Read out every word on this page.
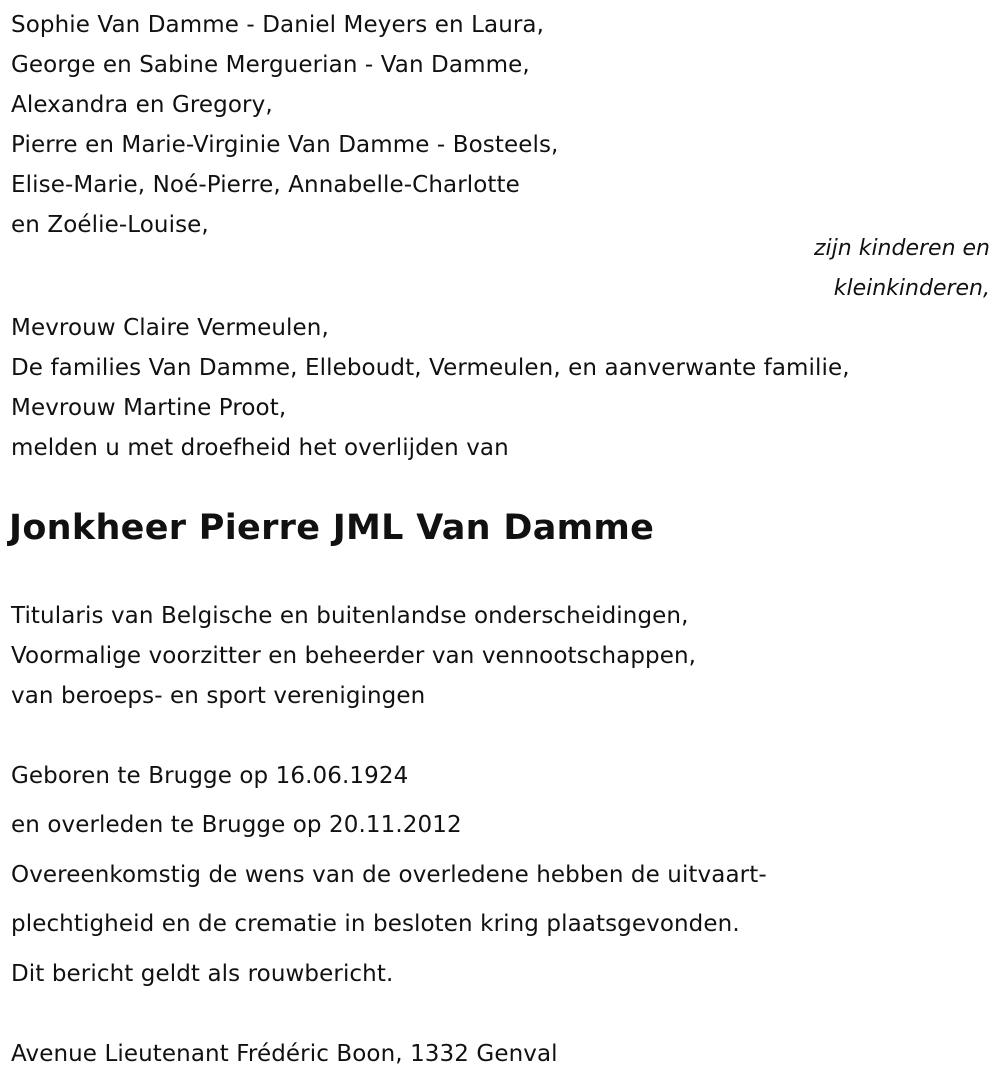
Sophie Van Damme - Daniel Meyers en Laura,
George en Sabine Merguerian - Van Damme,
Alexandra en Gregory,
Pierre en Marie-Virginie Van Damme - Bosteels,
Elise-Marie, Noé-Pierre, Annabelle-Charlotte
en Zoélie-Louise,
zijn kinderen en
kleinkinderen,
Mevrouw Claire Vermeulen,
De families Van Damme, Elleboudt, Vermeulen, en aanverwante familie,
Mevrouw Martine Proot,
melden u met droefheid het overlijden van
Jonkheer Pierre JML Van Damme
Titularis van Belgische en buitenlandse onderscheidingen,
Voormalige voorzitter en beheerder van vennootschappen,
van beroeps- en sport verenigingen
Geboren te Brugge op 16.06.1924
en overleden te Brugge op 20.11.2012
Overeenkomstig de wens van de overledene hebben de uitvaart-
plechtigheid en de crematie in besloten kring plaatsgevonden.
Dit bericht geldt als rouwbericht.
Avenue Lieutenant Frédéric Boon, 1332 Genval
